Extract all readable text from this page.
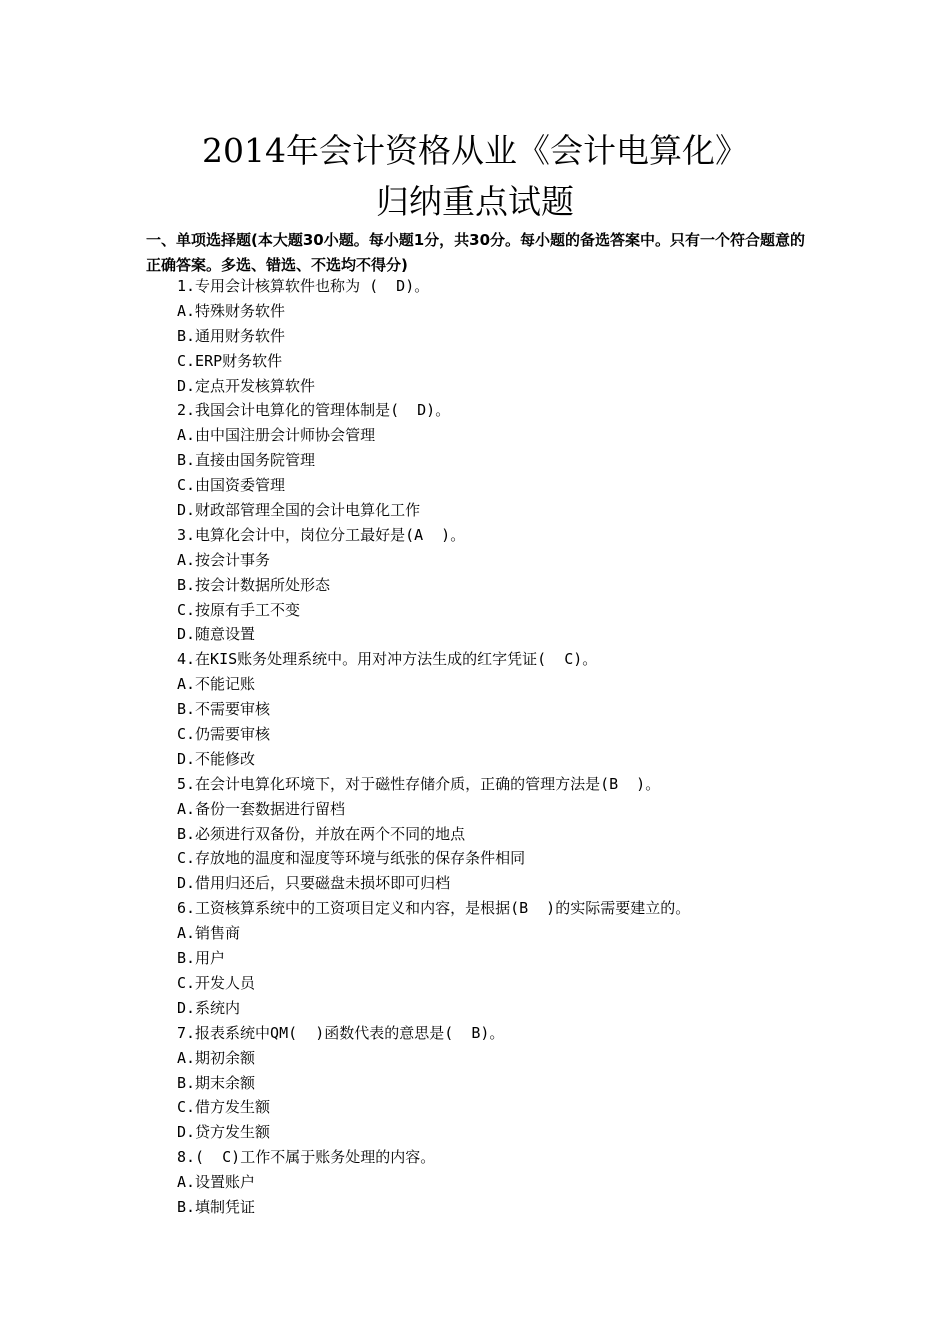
2014年会计资格从业《会计电算化》
归纳重点试题
一、单项选择题(本大题30小题。每小题1分，共30分。每小题的备选答案中。只有一个符合题意的正确答案。多选、错选、不选均不得分)
1.专用会计核算软件也称为 (  D)。
A.特殊财务软件
B.通用财务软件
C.ERP财务软件
D.定点开发核算软件
2.我国会计电算化的管理体制是(  D)。
A.由中国注册会计师协会管理
B.直接由国务院管理
C.由国资委管理
D.财政部管理全国的会计电算化工作
3.电算化会计中，岗位分工最好是(A  )。
A.按会计事务
B.按会计数据所处形态
C.按原有手工不变
D.随意设置
4.在KIS账务处理系统中。用对冲方法生成的红字凭证(  C)。
A.不能记账
B.不需要审核
C.仍需要审核
D.不能修改
5.在会计电算化环境下，对于磁性存储介质，正确的管理方法是(B  )。
A.备份一套数据进行留档
B.必须进行双备份，并放在两个不同的地点
C.存放地的温度和湿度等环境与纸张的保存条件相同
D.借用归还后，只要磁盘未损坏即可归档
6.工资核算系统中的工资项目定义和内容，是根据(B  )的实际需要建立的。
A.销售商
B.用户
C.开发人员
D.系统内
7.报表系统中QM(  )函数代表的意思是(  B)。
A.期初余额
B.期末余额
C.借方发生额
D.贷方发生额
8.(  C)工作不属于账务处理的内容。
A.设置账户
B.填制凭证
